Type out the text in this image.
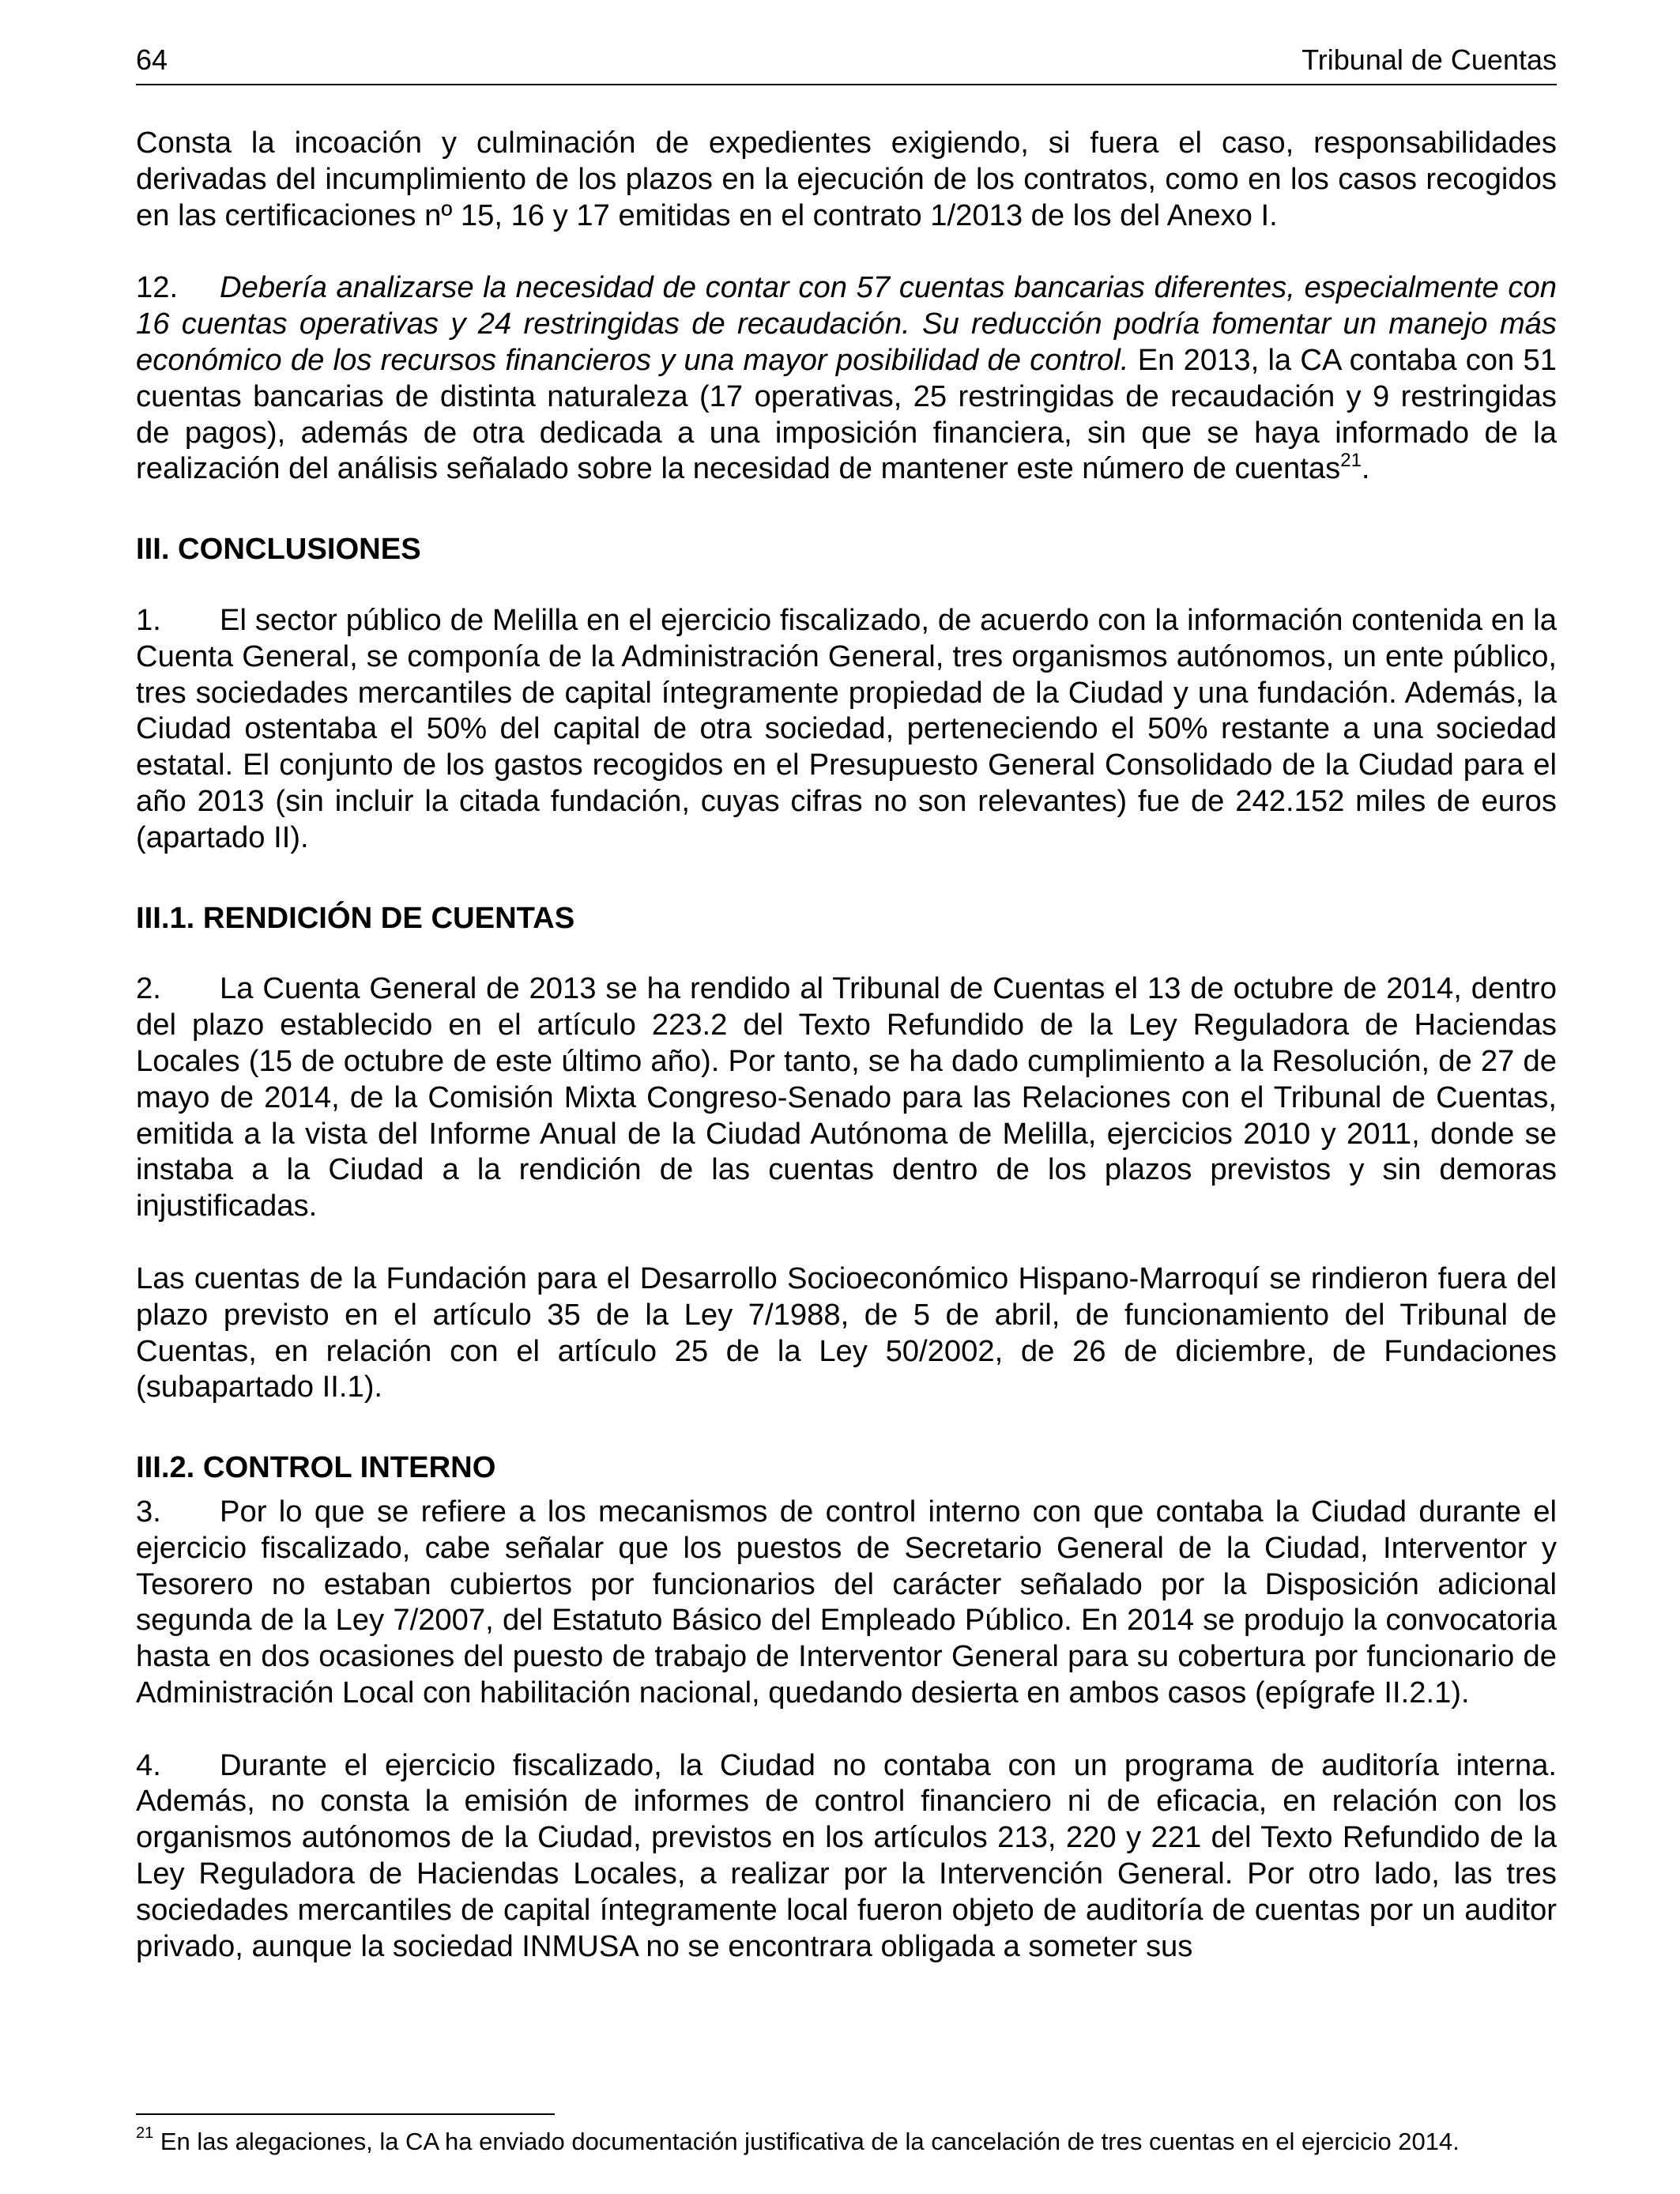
64	Tribunal de Cuentas

Consta la incoación y culminación de expedientes exigiendo, si fuera el caso, responsabilidades derivadas del incumplimiento de los plazos en la ejecución de los contratos, como en los casos recogidos en las certificaciones nº 15, 16 y 17 emitidas en el contrato 1/2013 de los del Anexo I.

12. Debería analizarse la necesidad de contar con 57 cuentas bancarias diferentes, especialmente con 16 cuentas operativas y 24 restringidas de recaudación. Su reducción podría fomentar un manejo más económico de los recursos financieros y una mayor posibilidad de control. En 2013, la CA contaba con 51 cuentas bancarias de distinta naturaleza (17 operativas, 25 restringidas de recaudación y 9 restringidas de pagos), además de otra dedicada a una imposición financiera, sin que se haya informado de la realización del análisis señalado sobre la necesidad de mantener este número de cuentas$^{21}$.

III. CONCLUSIONES

1. El sector público de Melilla en el ejercicio fiscalizado, de acuerdo con la información contenida en la Cuenta General, se componía de la Administración General, tres organismos autónomos, un ente público, tres sociedades mercantiles de capital íntegramente propiedad de la Ciudad y una fundación. Además, la Ciudad ostentaba el 50% del capital de otra sociedad, perteneciendo el 50% restante a una sociedad estatal. El conjunto de los gastos recogidos en el Presupuesto General Consolidado de la Ciudad para el año 2013 (sin incluir la citada fundación, cuyas cifras no son relevantes) fue de 242.152 miles de euros (apartado II).

III.1. RENDICIÓN DE CUENTAS

2. La Cuenta General de 2013 se ha rendido al Tribunal de Cuentas el 13 de octubre de 2014, dentro del plazo establecido en el artículo 223.2 del Texto Refundido de la Ley Reguladora de Haciendas Locales (15 de octubre de este último año). Por tanto, se ha dado cumplimiento a la Resolución, de 27 de mayo de 2014, de la Comisión Mixta Congreso-Senado para las Relaciones con el Tribunal de Cuentas, emitida a la vista del Informe Anual de la Ciudad Autónoma de Melilla, ejercicios 2010 y 2011, donde se instaba a la Ciudad a la rendición de las cuentas dentro de los plazos previstos y sin demoras injustificadas.

Las cuentas de la Fundación para el Desarrollo Socioeconómico Hispano-Marroquí se rindieron fuera del plazo previsto en el artículo 35 de la Ley 7/1988, de 5 de abril, de funcionamiento del Tribunal de Cuentas, en relación con el artículo 25 de la Ley 50/2002, de 26 de diciembre, de Fundaciones (subapartado II.1).

III.2. CONTROL INTERNO

3. Por lo que se refiere a los mecanismos de control interno con que contaba la Ciudad durante el ejercicio fiscalizado, cabe señalar que los puestos de Secretario General de la Ciudad, Interventor y Tesorero no estaban cubiertos por funcionarios del carácter señalado por la Disposición adicional segunda de la Ley 7/2007, del Estatuto Básico del Empleado Público. En 2014 se produjo la convocatoria hasta en dos ocasiones del puesto de trabajo de Interventor General para su cobertura por funcionario de Administración Local con habilitación nacional, quedando desierta en ambos casos (epígrafe II.2.1).

4. Durante el ejercicio fiscalizado, la Ciudad no contaba con un programa de auditoría interna. Además, no consta la emisión de informes de control financiero ni de eficacia, en relación con los organismos autónomos de la Ciudad, previstos en los artículos 213, 220 y 221 del Texto Refundido de la Ley Reguladora de Haciendas Locales, a realizar por la Intervención General. Por otro lado, las tres sociedades mercantiles de capital íntegramente local fueron objeto de auditoría de cuentas por un auditor privado, aunque la sociedad INMUSA no se encontrara obligada a someter sus

$^{21}$ En las alegaciones, la CA ha enviado documentación justificativa de la cancelación de tres cuentas en el ejercicio 2014.
